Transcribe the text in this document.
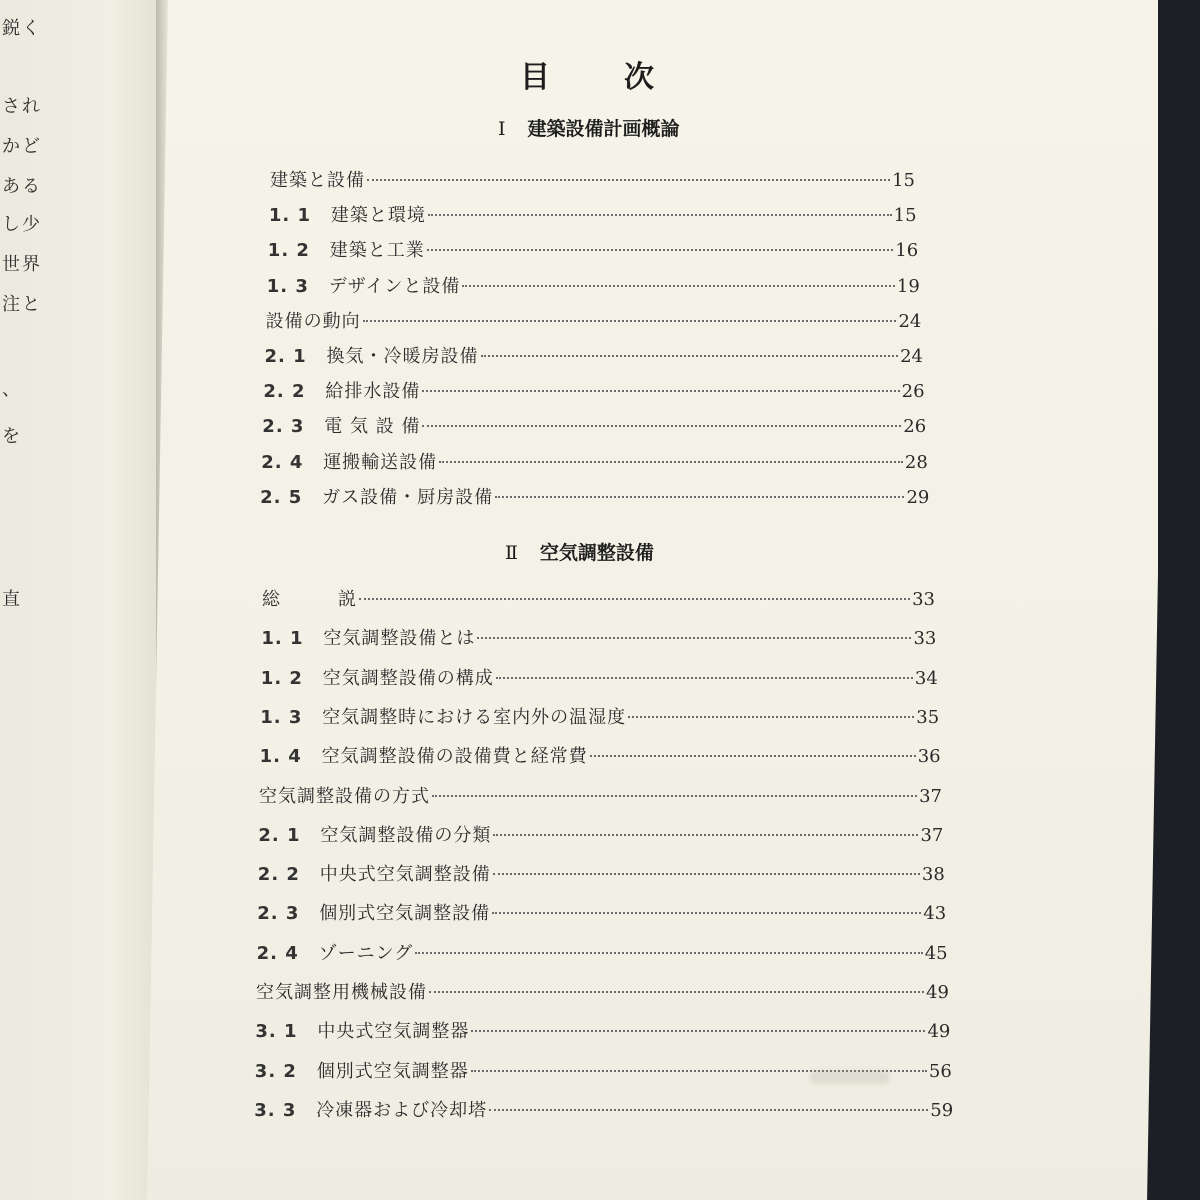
鋭く
され
かど
ある
し少
世界
注と
、
を
直
目次
Ⅰ 建築設備計画概論
Ⅱ 空気調整設備
建築と設備	15
1. 1	建築と環境	15
1. 2	建築と工業	16
1. 3	デザインと設備	19
設備の動向	24
2. 1	換気・冷暖房設備	24
2. 2	給排水設備	26
2. 3	電 気 設 備	26
2. 4	運搬輸送設備	28
2. 5	ガス設備・厨房設備	29
総　　　説	33
1. 1	空気調整設備とは	33
1. 2	空気調整設備の構成	34
1. 3	空気調整時における室内外の温湿度	35
1. 4	空気調整設備の設備費と経常費	36
空気調整設備の方式	37
2. 1	空気調整設備の分類	37
2. 2	中央式空気調整設備	38
2. 3	個別式空気調整設備	43
2. 4	ゾーニング	45
空気調整用機械設備	49
3. 1	中央式空気調整器	49
3. 2	個別式空気調整器	56
3. 3	冷凍器および冷却塔	59
